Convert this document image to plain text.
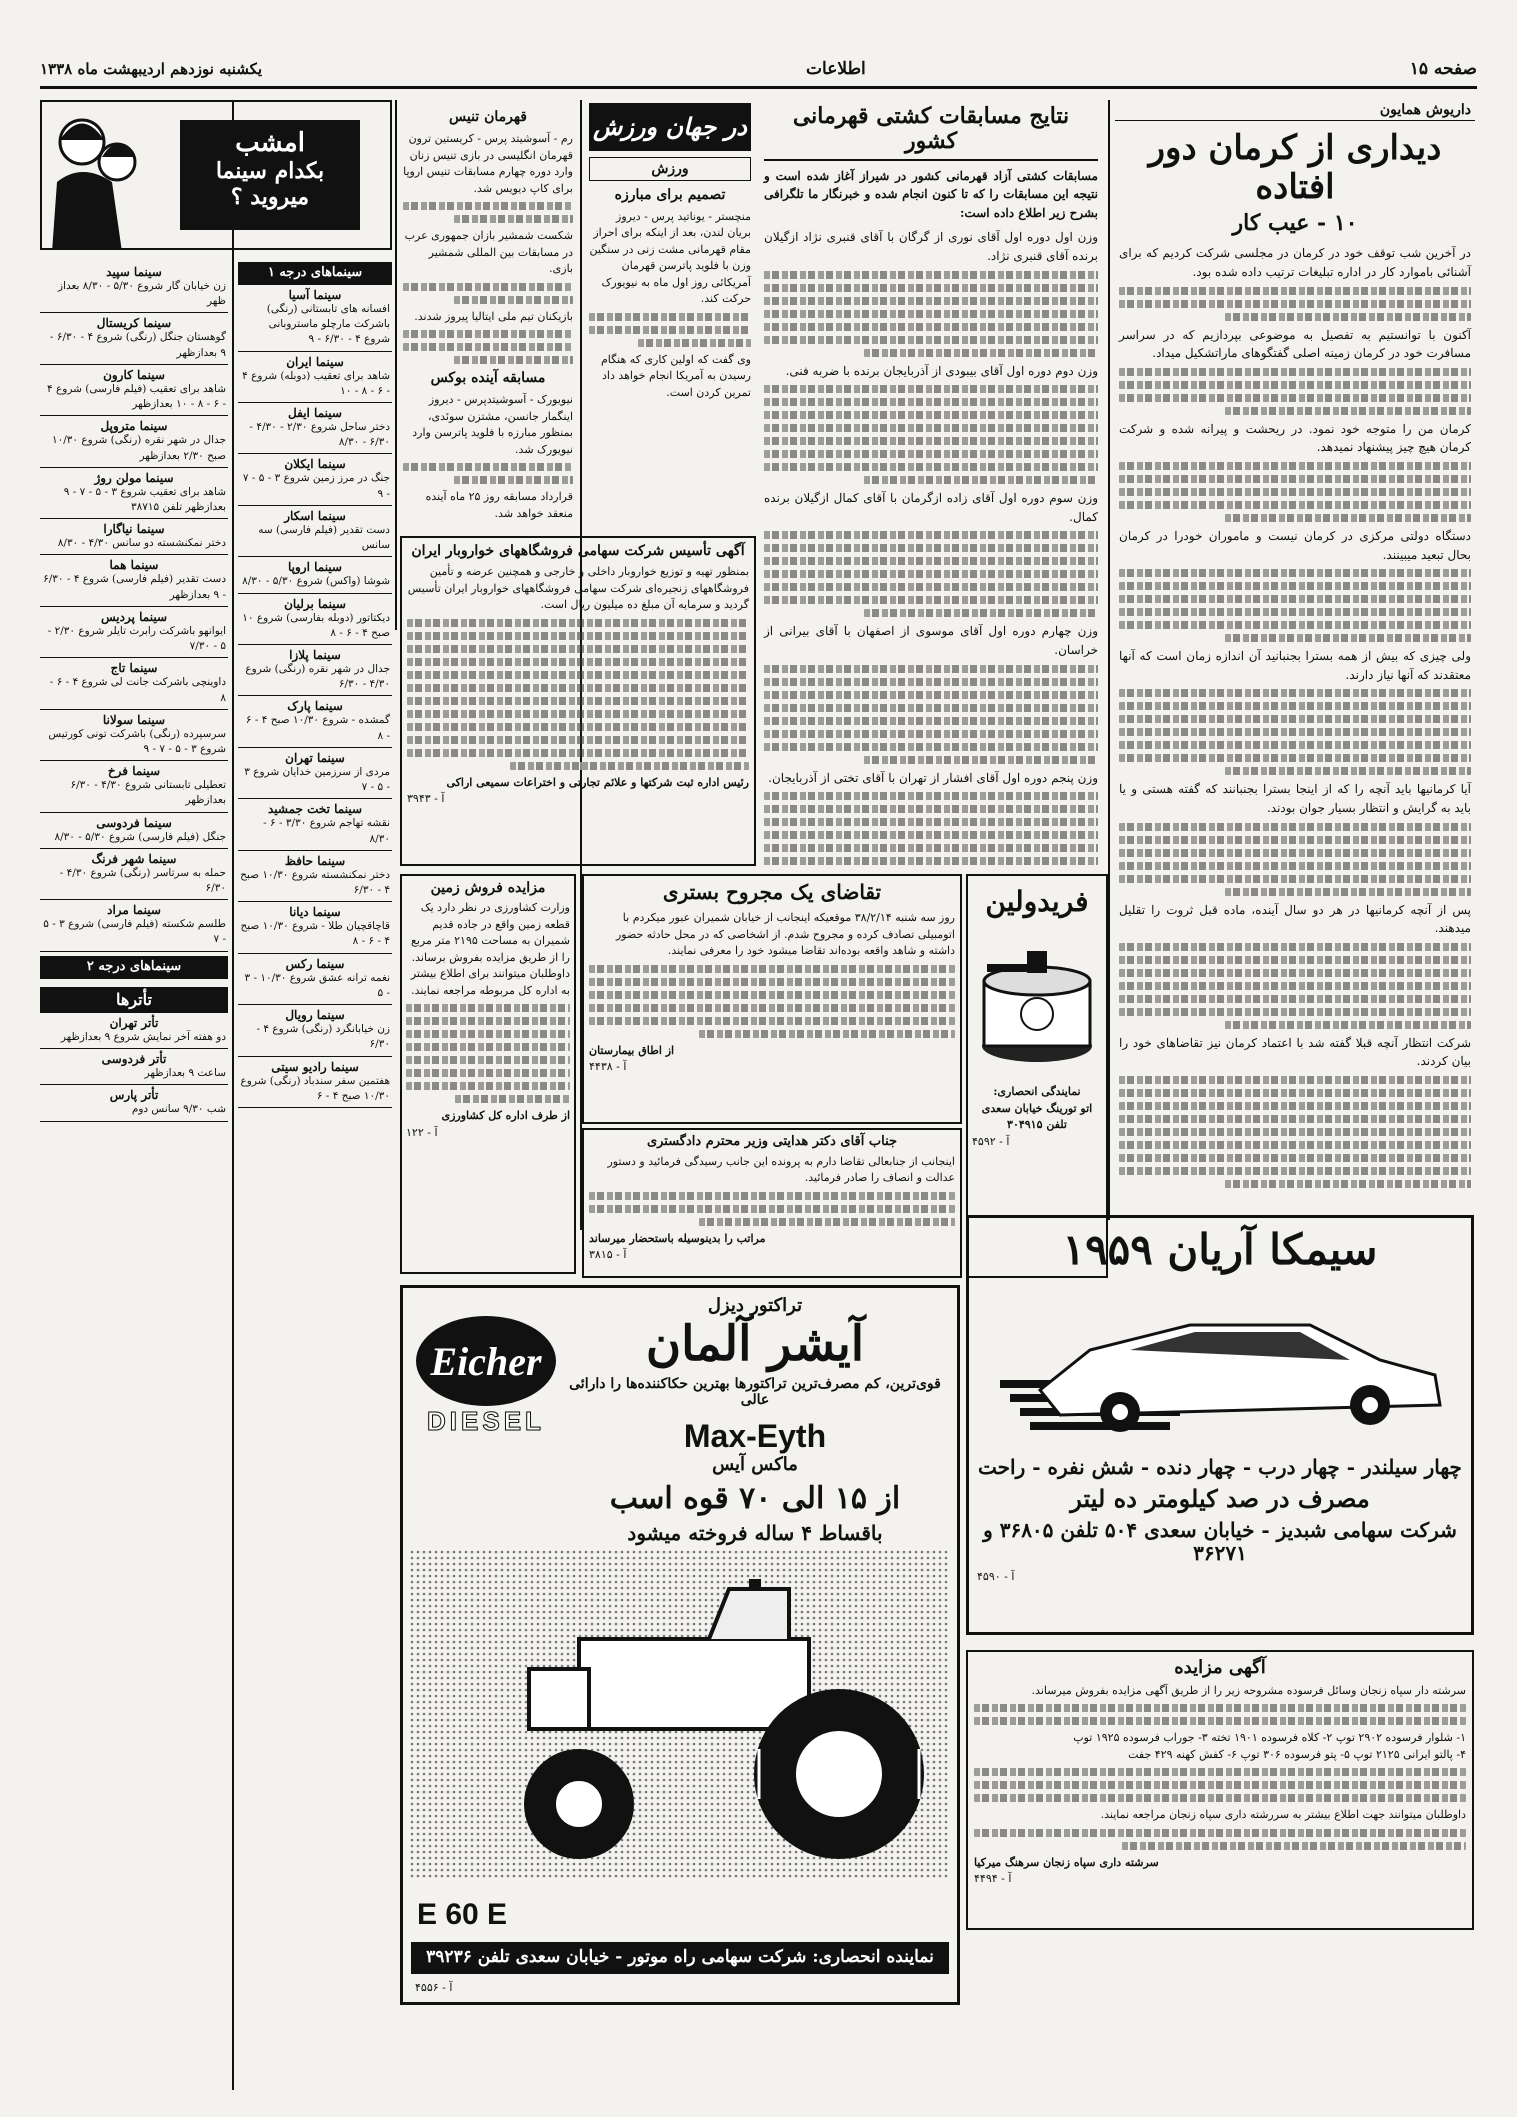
صفحه ۱۵
اطلاعات
یکشنبه نوزدهم اردیبهشت ماه ۱۳۳۸
داریوش همایون
دیداری از کرمان دور افتاده
۱۰ - عیب کار

در آخرین شب توقف خود در کرمان در مجلسی شرکت کردیم که برای آشنائی باموارد کار در اداره تبلیغات ترتیب داده شده بود.

آکنون با توانستیم به تفصیل به موضوعی بپردازیم که در سراسر مسافرت خود در کرمان زمینه اصلی گفتگوهای ماراتشکیل میداد.

کرمان من را متوجه خود نمود. در ریحشت و پیرانه شده و شرکت کرمان هیچ چیز پیشنهاد نمیدهد.

دستگاه دولتی مرکزی در کرمان نیست و ماموران خودرا در کرمان بحال تبعید میبینند.

ولی چیزی که بیش از همه بسترا بجنبانید آن اندازه زمان است که آنها معتقدند که آنها نیاز دارند.

آیا کرمانیها باید آنچه را که از اینجا بسترا بجنبانند که گفته هستی و یا باید به گرایش و انتظار بسیار جوان بودند.

پس از آنچه کرمانیها در هر دو سال آینده، ماده قبل ثروت را تقلیل میدهند.

شرکت انتظار آنچه قبلا گفته شد با اعتماد کرمان نیز تقاضاهای خود را بیان کردند.

نتایج مسابقات کشتی قهرمانی کشور
مسابقات کشتی آزاد قهرمانی کشور در شیراز آغاز شده است و نتیجه این مسابقات را که تا کنون انجام شده و خبرنگار ما تلگرافی بشرح زیر اطلاع داده است:

وزن اول دوره اول آقای نوری از گرگان با آقای قنبری نژاد ازگیلان برنده آقای قنبری نژاد.

وزن دوم دوره اول آقای بیبودی از آذربایجان برنده با ضربه فنی.

وزن سوم دوره اول آقای زاده ازگرمان با آقای کمال ازگیلان برنده کمال.

وزن چهارم دوره اول آقای موسوی از اصفهان با آقای بیرانی از خراسان.

وزن پنجم دوره اول آقای افشار از تهران با آقای تختی از آذربایجان.

در جهان ورزش
ورزش
تصمیم برای مبارزه

منچستر - یوناتید پرس - دیروز بریان لندن، بعد از اینکه برای احراز مقام قهرمانی مشت زنی در سنگین وزن با فلوید پاترسن قهرمان آمریکائی روز اول ماه به نیویورک حرکت کند.

وی گفت که اولین کاری که هنگام رسیدن به آمریکا انجام خواهد داد تمرین کردن است.

قهرمان تنیس

رم - آسوشیتد پرس - کریستین ترون قهرمان انگلیسی در بازی تنیس زنان وارد دوره چهارم مسابقات تنیس اروپا برای کاپ دیویس شد.

شکست شمشیر بازان جمهوری عرب در مسابقات بین المللی شمشیر بازی.

بازیکنان تیم ملی ایتالیا پیروز شدند.

مسابقه آینده بوکس

نیویورک - آسوشیتدپرس - دیروز اینگمار جانسن، مشتزن سوئدی، بمنظور مبارزه با فلوید پاترسن وارد نیویورک شد.

قرارداد مسابقه روز ۲۵ ماه آینده منعقد خواهد شد.

آگهی تأسیس شرکت سهامی فروشگاههای خواروبار ایران
بمنظور تهیه و توزیع خواروبار داخلی و خارجی و همچنین عرضه و تأمین فروشگاههای زنجیره‌ای شرکت سهامی فروشگاههای خواروبار ایران تأسیس گردید و سرمایه آن مبلغ ده میلیون ریال است.
رئیس اداره ثبت شرکتها و علائم تجارتی و اختراعات سمیعی اراکی
آ - ۳۹۴۳
تقاضای یک مجروح بستری
روز سه شنبه ۳۸/۲/۱۴ موقعیکه اینجانب از خیابان شمیران عبور میکردم با اتومبیلی تصادف کرده و مجروح شدم. از اشخاصی که در محل حادثه حضور داشته و شاهد واقعه بوده‌اند تقاضا میشود خود را معرفی نمایند.
از اطاق بیمارستان
آ - ۴۴۳۸
مزایده فروش زمین
وزارت کشاورزی در نظر دارد یک قطعه زمین واقع در جاده قدیم شمیران به مساحت ۲۱۹۵ متر مربع را از طریق مزایده بفروش برساند. داوطلبان میتوانند برای اطلاع بیشتر به اداره کل مربوطه مراجعه نمایند.
از طرف اداره کل کشاورزی
آ - ۱۲۲
جناب آقای دکتر هدایتی وزیر محترم دادگستری
اینجانب از جنابعالی تقاضا دارم به پرونده این جانب رسیدگی فرمائید و دستور عدالت و انصاف را صادر فرمائید.
مراتب را بدینوسیله باستحضار میرساند
آ - ۳۸۱۵
فریدولین
نمایندگی انحصاری:
اتو تورینگ خیابان سعدی تلفن ۳۰۴۹۱۵
آ - ۴۵۹۲
سیمکا آریان ۱۹۵۹
چهار سیلندر - چهار درب - چهار دنده - شش نفره - راحت
مصرف در صد کیلومتر ده لیتر
شرکت سهامی شبدیز - خیابان سعدی ۵۰۴ تلفن ۳۶۸۰۵ و ۳۶۲۷۱
آ - ۴۵۹۰
تراکتور دیزل
آیشر آلمان
قوی‌ترین، کم مصرف‌ترین تراکتورها بهترین حکاکننده‌ها را دارائی عالی
Max-Eyth
ماکس آیس
از ۱۵ الی ۷۰ قوه اسب
باقساط ۴ ساله فروخته میشود
Eicher
DIESEL
E 60 E
نماینده انحصاری: شرکت سهامی راه موتور - خیابان سعدی تلفن ۳۹۲۳۶
آ - ۴۵۵۶
آگهی مزایده

سرشته دار سپاه زنجان وسائل فرسوده مشروحه زیر را از طریق آگهی مزایده بفروش میرساند.

۱- شلوار فرسوده ۲۹۰۲ توپ ۲- کلاه فرسوده ۱۹۰۱ تخته ۳- جوراب فرسوده ۱۹۲۵ توپ

۴- پالتو ایرانی ۲۱۲۵ توپ ۵- پتو فرسوده ۳۰۶ توپ ۶- کفش کهنه ۴۲۹ جفت

داوطلبان میتوانند جهت اطلاع بیشتر به سررشته داری سپاه زنجان مراجعه نمایند.

سرشته داری سپاه زنجان سرهنگ میرکیا
آ - ۴۴۹۴
امشب
بکدام سینما
میروید ؟
سینماهای درجه ۱
سینما آسیا
افسانه های تابستانی (رنگی) باشرکت مارچلو ماستروبانی شروع ۴ - ۶/۳۰ - ۹
سینما ایران
شاهد برای تعقیب (دوبله) شروع ۴ - ۶ - ۸ - ۱۰
سینما ایفل
دختر ساحل شروع ۲/۳۰ - ۴/۳۰ - ۶/۳۰ - ۸/۳۰
سینما ایکلان
جنگ در مرز زمین شروع ۳ - ۵ - ۷ - ۹
سینما اسکار
دست تقدیر (فیلم فارسی) سه سانس
سینما اروپا
شوشا (واکس) شروع ۵/۳۰ - ۸/۳۰
سینما برلیان
دیکتاتور (دوبله بفارسی) شروع ۱۰ صبح ۴ - ۶ - ۸
سینما پلازا
جدال در شهر نقره (رنگی) شروع ۴/۳۰ - ۶/۳۰
سینما پارک
گمشده - شروع ۱۰/۳۰ صبح ۴ - ۶ - ۸
سینما تهران
مردی از سرزمین خدایان شروع ۳ - ۵ - ۷
سینما تخت جمشید
نقشه تهاجم شروع ۳/۳۰ - ۶ - ۸/۳۰
سینما حافظ
دختر نمکنشسته شروع ۱۰/۳۰ صبح ۴ - ۶/۳۰
سینما دیانا
قاچاقچیان طلا - شروع ۱۰/۳۰ صبح ۴ - ۶ - ۸
سینما رکس
نغمه ترانه عشق شروع ۱۰/۳۰ - ۳ - ۵
سینما رویال
زن خیابانگرد (رنگی) شروع ۴ - ۶/۳۰
سینما رادیو سیتی
هفتمین سفر سندباد (رنگی) شروع ۱۰/۳۰ صبح ۴ - ۶
سینما سپید
زن خیابان گار شروع ۵/۳۰ - ۸/۳۰ بعداز ظهر
سینما کریستال
گوهستان جنگل (رنگی) شروع ۴ - ۶/۳۰ - ۹ بعدازظهر
سینما کارون
شاهد برای تعقیب (فیلم فارسی) شروع ۴ - ۶ - ۸ - ۱۰ بعدازظهر
سینما متروپل
جدال در شهر نقره (رنگی) شروع ۱۰/۳۰ صبح ۲/۳۰ بعدازظهر
سینما مولن روژ
شاهد برای تعقیب شروع ۳ - ۵ - ۷ - ۹ بعدازظهر تلفن ۳۸۷۱۵
سینما نیاگارا
دختر نمکنشسته دو سانس ۴/۳۰ - ۸/۳۰
سینما هما
دست تقدیر (فیلم فارسی) شروع ۴ - ۶/۳۰ - ۹ بعدازظهر
سینما پردیس
ایوانهو باشرکت رابرت تایلر شروع ۲/۳۰ - ۵ - ۷/۳۰
سینما تاج
داوینچی باشرکت جانت لی شروع ۴ - ۶ - ۸
سینما سولانا
سرسپرده (رنگی) باشرکت تونی کورتیس شروع ۳ - ۵ - ۷ - ۹
سینما فرخ
تعطیلی تابستانی شروع ۴/۳۰ - ۶/۳۰ بعدازظهر
سینما فردوسی
جنگل (فیلم فارسی) شروع ۵/۳۰ - ۸/۳۰
سینما شهر فرنگ
حمله به سرتاسر (رنگی) شروع ۴/۳۰ - ۶/۳۰
سینما مراد
طلسم شکسته (فیلم فارسی) شروع ۳ - ۵ - ۷
سینماهای درجه ۲
تأترها
تأتر تهران
دو هفته آخر نمایش شروع ۹ بعدازظهر
تأتر فردوسی
ساعت ۹ بعدازظهر
تأتر پارس
شب ۹/۳۰ سانس دوم
